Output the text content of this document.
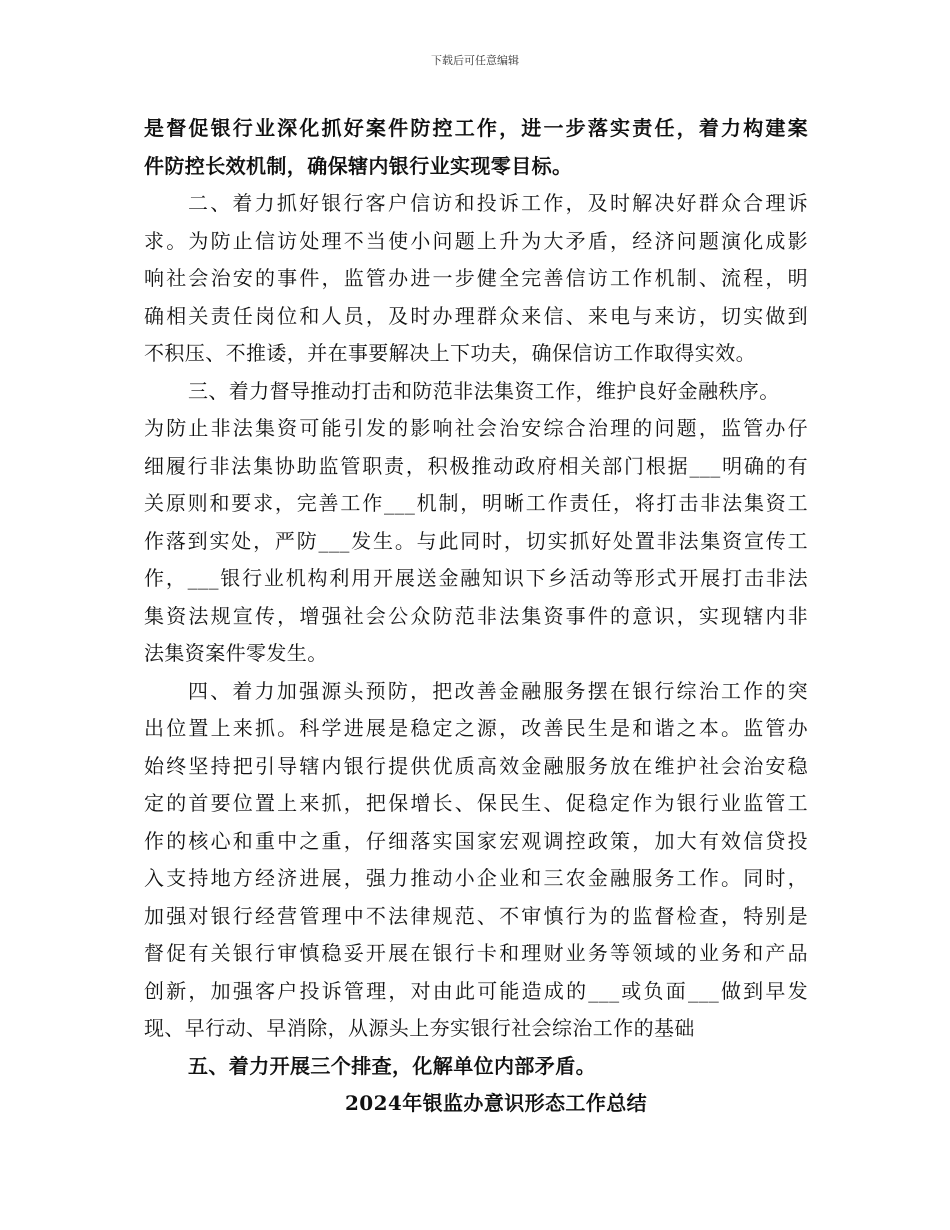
下载后可任意编辑
是督促银行业深化抓好案件防控工作，进一步落实责任，着力构建案
件防控长效机制，确保辖内银行业实现零目标。
二、着力抓好银行客户信访和投诉工作，及时解决好群众合理诉
求。为防止信访处理不当使小问题上升为大矛盾，经济问题演化成影
响社会治安的事件，监管办进一步健全完善信访工作机制、流程，明
确相关责任岗位和人员，及时办理群众来信、来电与来访，切实做到
不积压、不推诿，并在事要解决上下功夫，确保信访工作取得实效。
三、着力督导推动打击和防范非法集资工作，维护良好金融秩序。
为防止非法集资可能引发的影响社会治安综合治理的问题，监管办仔
细履行非法集协助监管职责，积极推动政府相关部门根据___明确的有
关原则和要求，完善工作___机制，明晰工作责任，将打击非法集资工
作落到实处，严防___发生。与此同时，切实抓好处置非法集资宣传工
作，___银行业机构利用开展送金融知识下乡活动等形式开展打击非法
集资法规宣传，增强社会公众防范非法集资事件的意识，实现辖内非
法集资案件零发生。
四、着力加强源头预防，把改善金融服务摆在银行综治工作的突
出位置上来抓。科学进展是稳定之源，改善民生是和谐之本。监管办
始终坚持把引导辖内银行提供优质高效金融服务放在维护社会治安稳
定的首要位置上来抓，把保增长、保民生、促稳定作为银行业监管工
作的核心和重中之重，仔细落实国家宏观调控政策，加大有效信贷投
入支持地方经济进展，强力推动小企业和三农金融服务工作。同时，
加强对银行经营管理中不法律规范、不审慎行为的监督检查，特别是
督促有关银行审慎稳妥开展在银行卡和理财业务等领域的业务和产品
创新，加强客户投诉管理，对由此可能造成的___或负面___做到早发
现、早行动、早消除，从源头上夯实银行社会综治工作的基础
五、着力开展三个排查，化解单位内部矛盾。
2024年银监办意识形态工作总结
